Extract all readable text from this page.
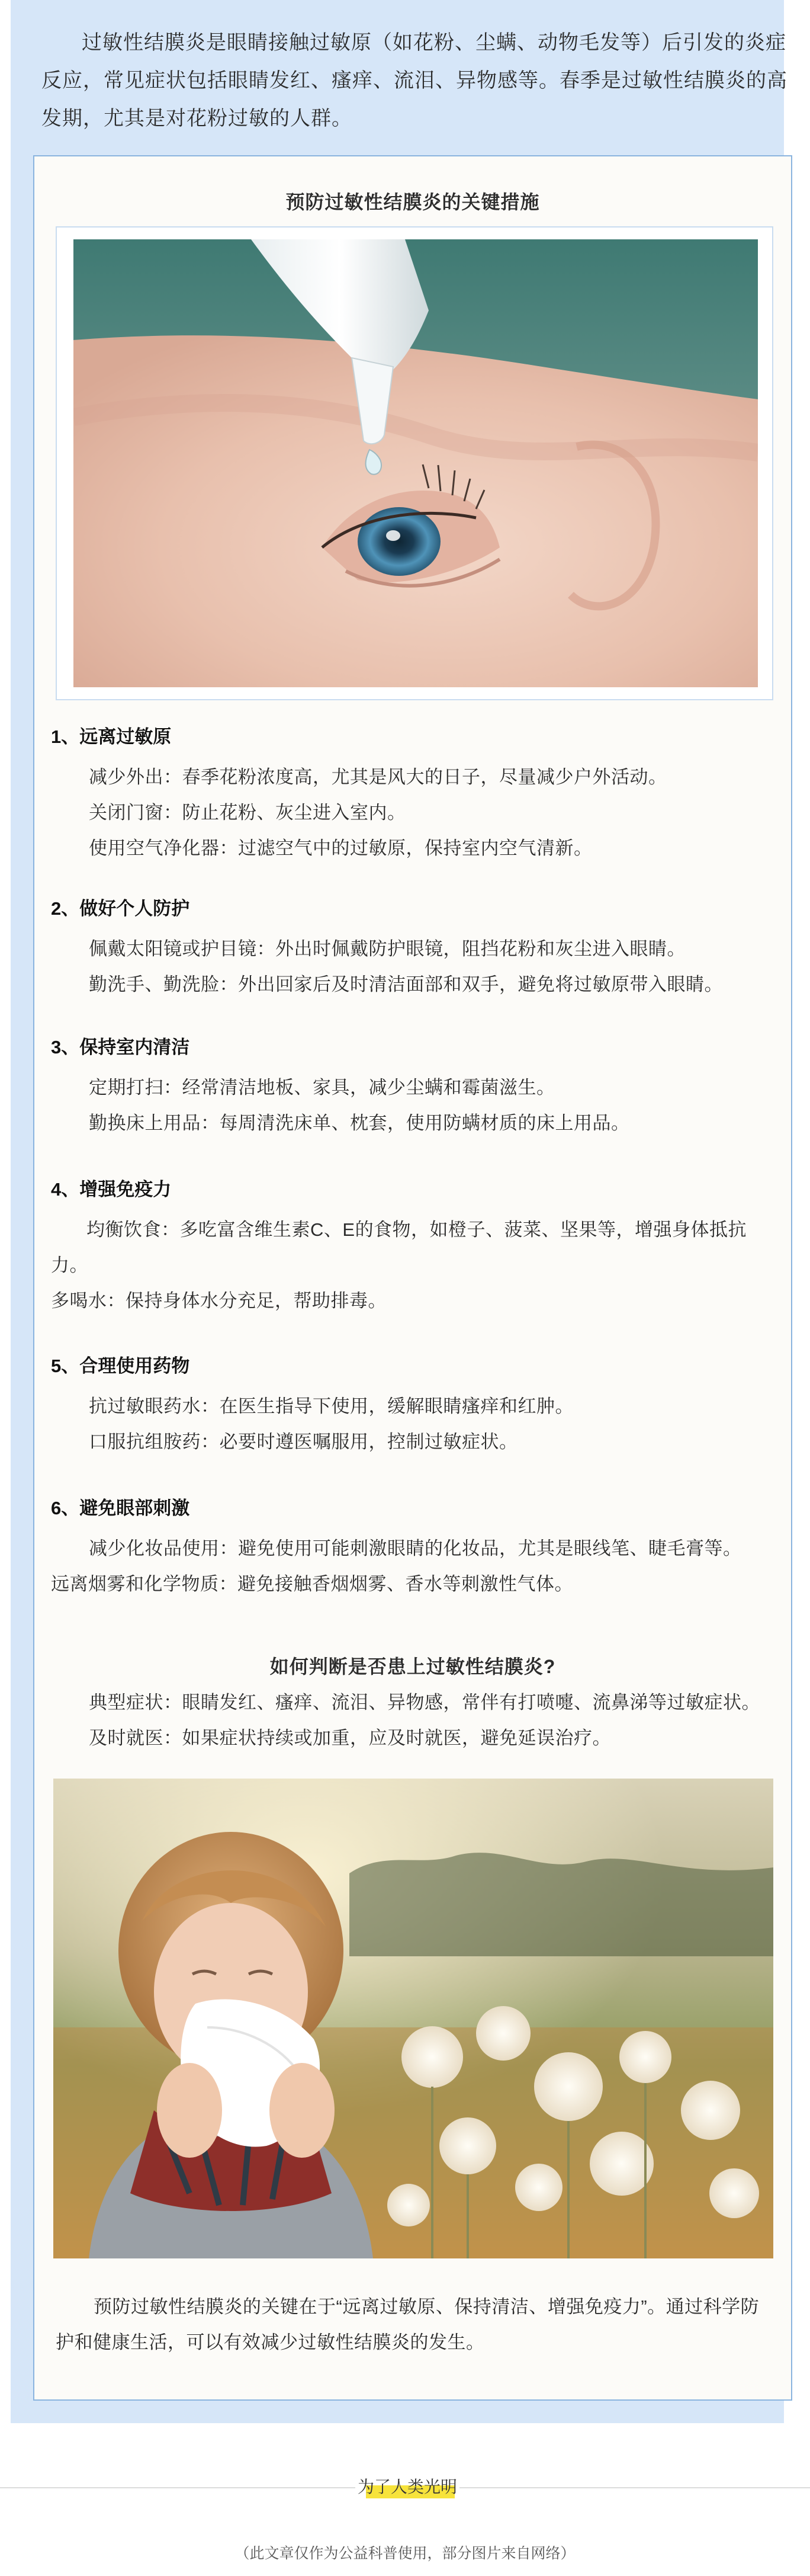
过敏性结膜炎是眼睛接触过敏原（如花粉、尘螨、动物毛发等）后引发的炎症反应，常见症状包括眼睛发红、瘙痒、流泪、异物感等。春季是过敏性结膜炎的高发期，尤其是对花粉过敏的人群。

预防过敏性结膜炎的关键措施
1、远离过敏原

减少外出：春季花粉浓度高，尤其是风大的日子，尽量减少户外活动。

关闭门窗：防止花粉、灰尘进入室内。

使用空气净化器：过滤空气中的过敏原，保持室内空气清新。

2、做好个人防护

佩戴太阳镜或护目镜：外出时佩戴防护眼镜，阻挡花粉和灰尘进入眼睛。

勤洗手、勤洗脸：外出回家后及时清洁面部和双手，避免将过敏原带入眼睛。

3、保持室内清洁

定期打扫：经常清洁地板、家具，减少尘螨和霉菌滋生。

勤换床上用品：每周清洗床单、枕套，使用防螨材质的床上用品。

4、增强免疫力

均衡饮食：多吃富含维生素C、E的食物，如橙子、菠菜、坚果等，增强身体抵抗力。

多喝水：保持身体水分充足，帮助排毒。

5、合理使用药物

抗过敏眼药水：在医生指导下使用，缓解眼睛瘙痒和红肿。

口服抗组胺药：必要时遵医嘱服用，控制过敏症状。

6、避免眼部刺激

减少化妆品使用：避免使用可能刺激眼睛的化妆品，尤其是眼线笔、睫毛膏等。

远离烟雾和化学物质：避免接触香烟烟雾、香水等刺激性气体。

如何判断是否患上过敏性结膜炎?

典型症状：眼睛发红、瘙痒、流泪、异物感，常伴有打喷嚏、流鼻涕等过敏症状。

及时就医：如果症状持续或加重，应及时就医，避免延误治疗。

预防过敏性结膜炎的关键在于“远离过敏原、保持清洁、增强免疫力”。通过科学防护和健康生活，可以有效减少过敏性结膜炎的发生。

为了人类光明

（此文章仅作为公益科普使用，部分图片来自网络）
